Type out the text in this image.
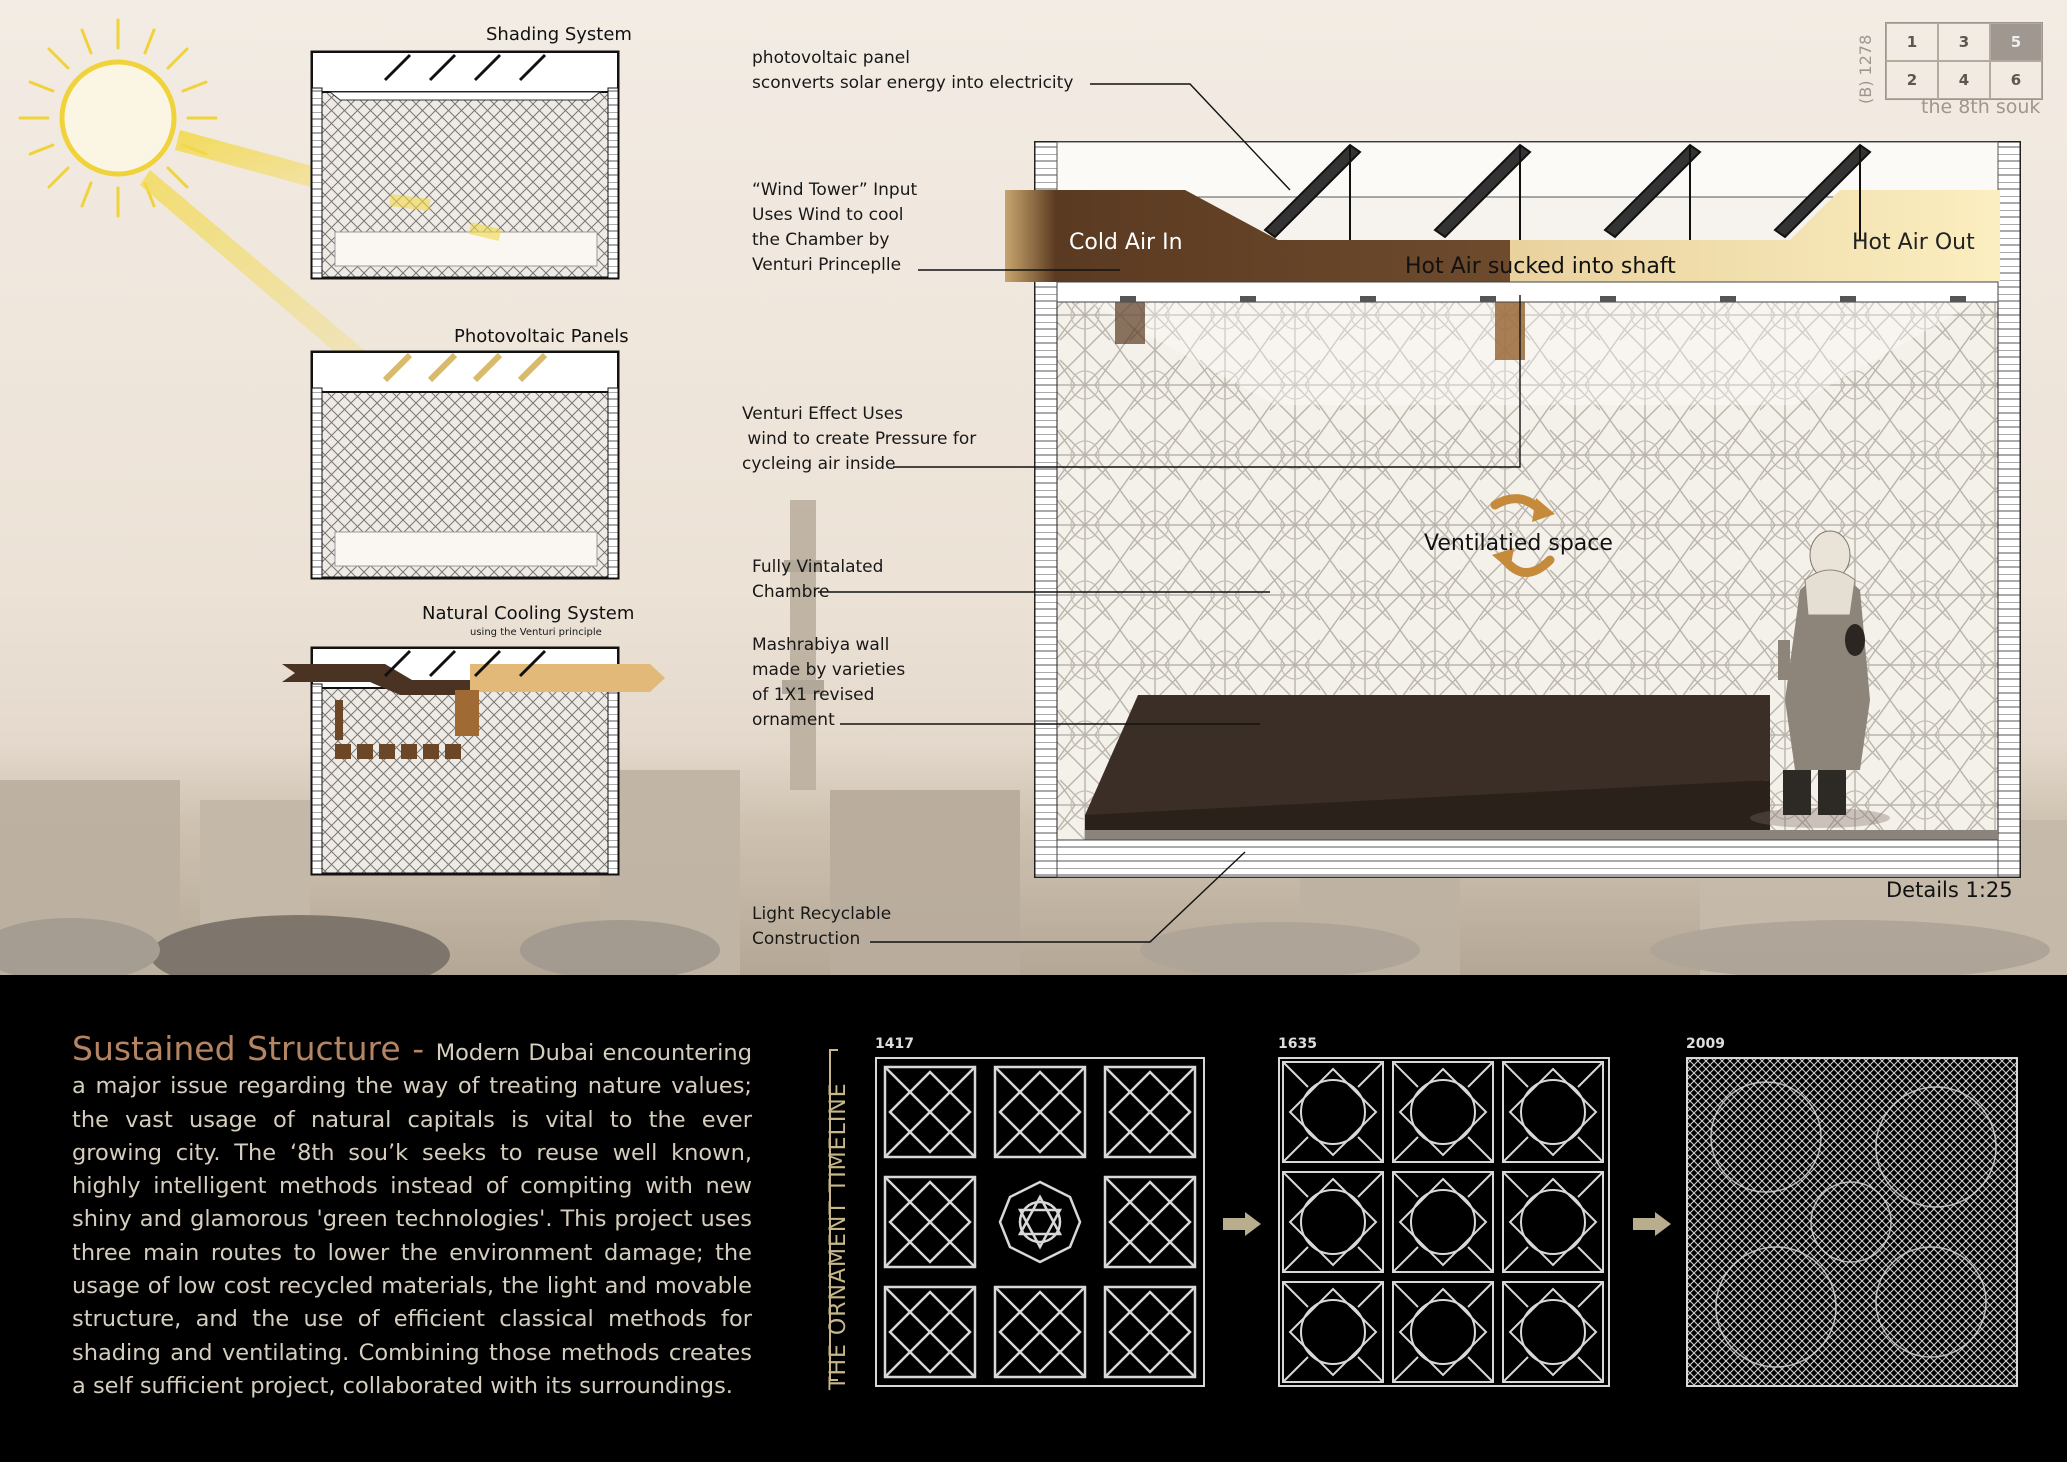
Shading System
Photovoltaic Panels
Natural Cooling System
using the Venturi principle
Cold Air In
Hot Air sucked into shaft
Hot Air Out
Ventilatied space
photovoltaic panel
sconverts solar energy into electricity
“Wind Tower” Input
Uses Wind to cool
the Chamber by
Venturi Princeplle
Venturi Effect Uses
wind to create Pressure for
cycleing air inside
Fully Vintalated
Chambre
Mashrabiya wall
made by varieties
of 1X1 revised
ornament
Light Recyclable
Construction
Details 1:25
(B) 1278	1	3	5
2	4	6
the 8th souk
Sustained Structure - Modern Dubai encountering a major issue regarding the way of treating nature values; the vast usage of natural capitals is vital to the ever growing city. The ‘8th sou’k seeks to reuse well known, highly intelligent methods instead of compiting with new shiny and glamorous 'green technologies'. This project uses three main routes to lower the environment damage; the usage of low cost recycled materials, the light and movable structure, and the use of efficient classical methods for shading and ventilating. Combining those methods creates a self sufficient project, collaborated with its surroundings.	THE ORNAMENT TIMELINE
1417	1635	2009
